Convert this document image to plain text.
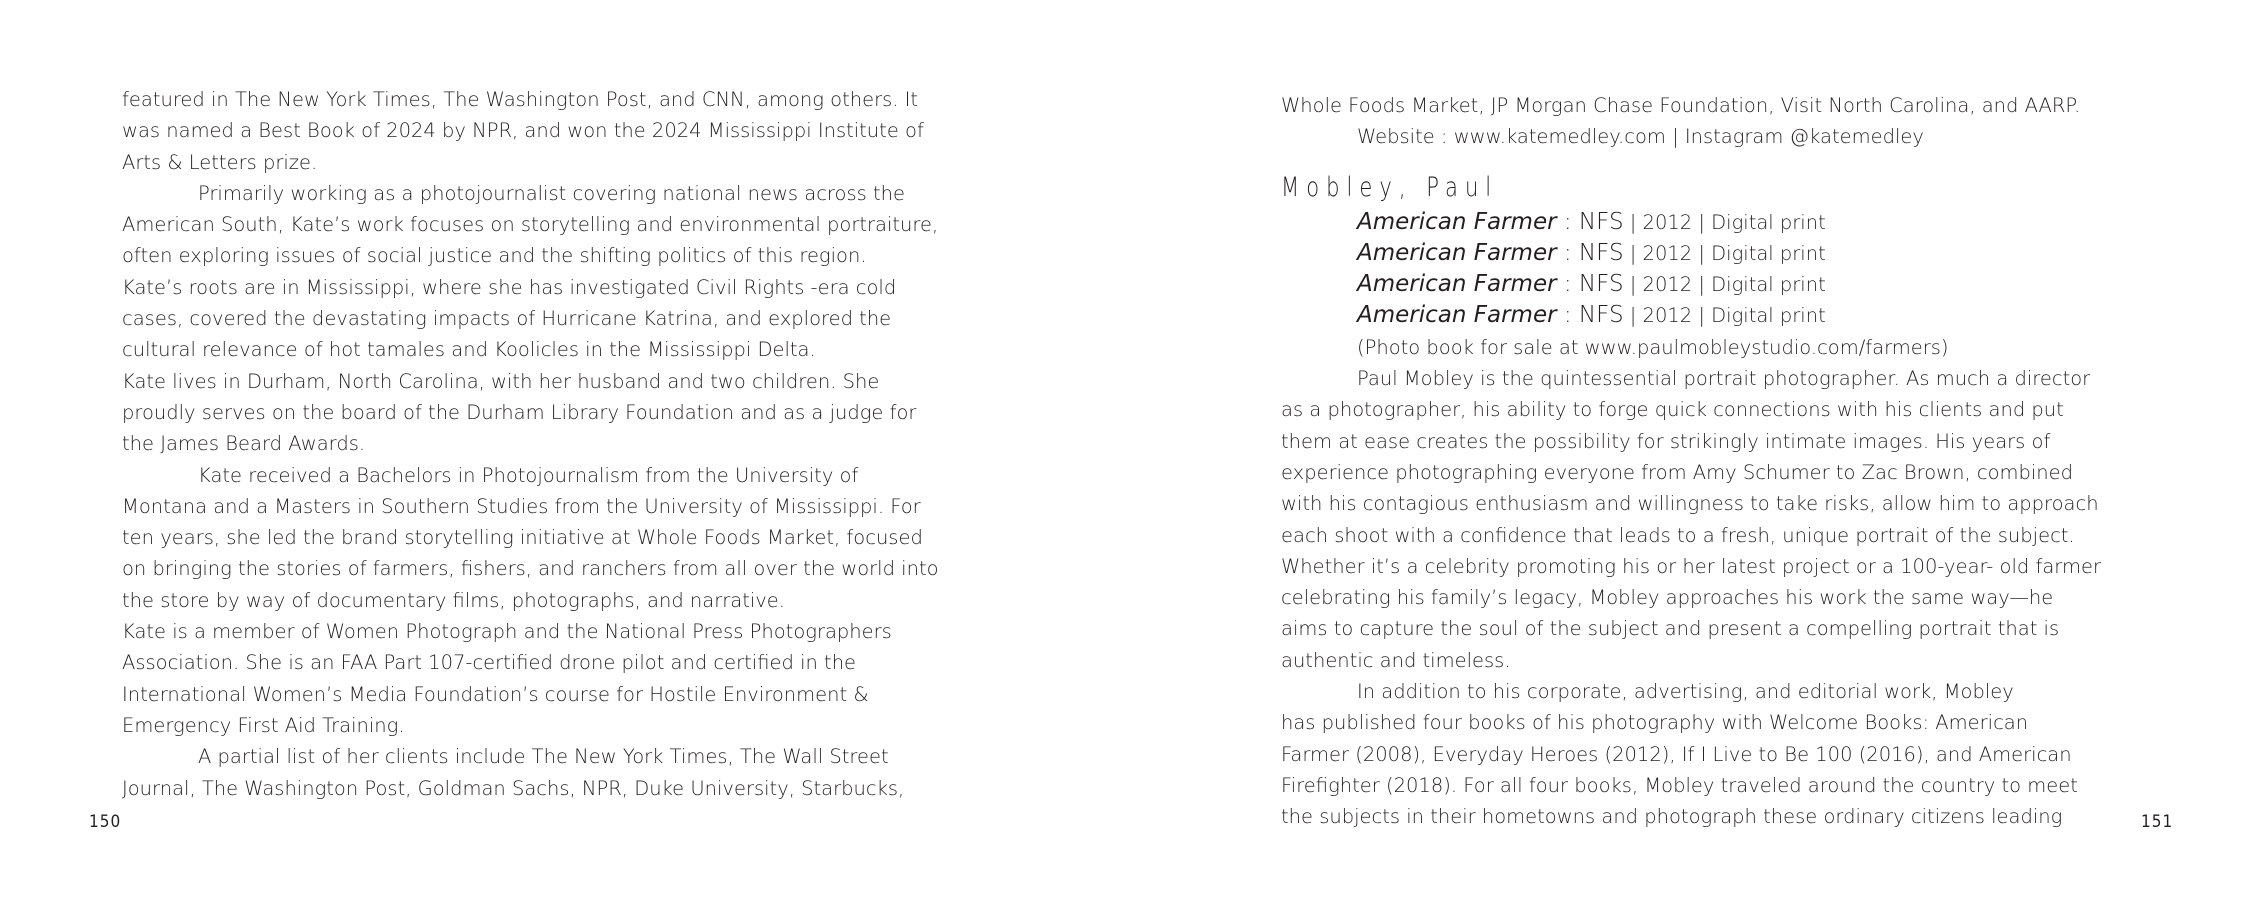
featured in The New York Times, The Washington Post, and CNN, among others. It
was named a Best Book of 2024 by NPR, and won the 2024 Mississippi Institute of
Arts & Letters prize.
Primarily working as a photojournalist covering national news across the
American South, Kate’s work focuses on storytelling and environmental portraiture,
often exploring issues of social justice and the shifting politics of this region.
Kate’s roots are in Mississippi, where she has investigated Civil Rights -era cold
cases, covered the devastating impacts of Hurricane Katrina, and explored the
cultural relevance of hot tamales and Koolicles in the Mississippi Delta.
Kate lives in Durham, North Carolina, with her husband and two children. She
proudly serves on the board of the Durham Library Foundation and as a judge for
the James Beard Awards.
Kate received a Bachelors in Photojournalism from the University of
Montana and a Masters in Southern Studies from the University of Mississippi. For
ten years, she led the brand storytelling initiative at Whole Foods Market, focused
on bringing the stories of farmers, fishers, and ranchers from all over the world into
the store by way of documentary films, photographs, and narrative.
Kate is a member of Women Photograph and the National Press Photographers
Association. She is an FAA Part 107-certified drone pilot and certified in the
International Women’s Media Foundation’s course for Hostile Environment &
Emergency First Aid Training.
A partial list of her clients include The New York Times, The Wall Street
Journal, The Washington Post, Goldman Sachs, NPR, Duke University, Starbucks,
150
Whole Foods Market, JP Morgan Chase Foundation, Visit North Carolina, and AARP.
Website : www.katemedley.com | Instagram @katemedley
Mobley, Paul
American Farmer : NFS | 2012 | Digital print
American Farmer : NFS | 2012 | Digital print
American Farmer : NFS | 2012 | Digital print
American Farmer : NFS | 2012 | Digital print
(Photo book for sale at www.paulmobleystudio.com/farmers)
Paul Mobley is the quintessential portrait photographer. As much a director
as a photographer, his ability to forge quick connections with his clients and put
them at ease creates the possibility for strikingly intimate images. His years of
experience photographing everyone from Amy Schumer to Zac Brown, combined
with his contagious enthusiasm and willingness to take risks, allow him to approach
each shoot with a confidence that leads to a fresh, unique portrait of the subject.
Whether it’s a celebrity promoting his or her latest project or a 100-year- old farmer
celebrating his family’s legacy, Mobley approaches his work the same way—he
aims to capture the soul of the subject and present a compelling portrait that is
authentic and timeless.
In addition to his corporate, advertising, and editorial work, Mobley
has published four books of his photography with Welcome Books: American
Farmer (2008), Everyday Heroes (2012), If I Live to Be 100 (2016), and American
Firefighter (2018). For all four books, Mobley traveled around the country to meet
the subjects in their hometowns and photograph these ordinary citizens leading	151
